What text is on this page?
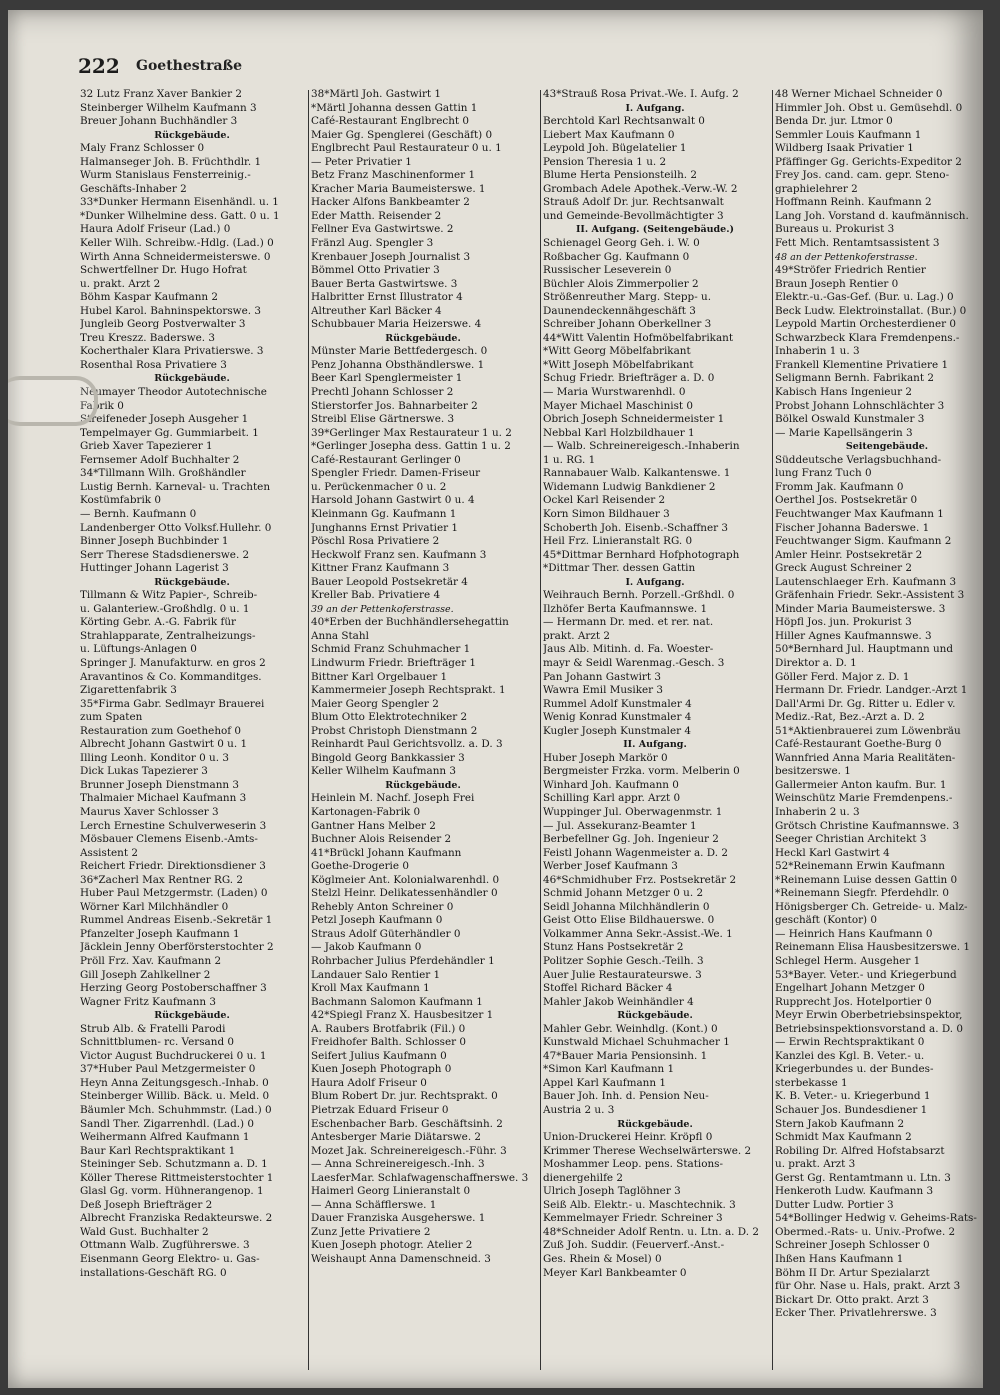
222 Goethestraße
32 Lutz Franz Xaver Bankier 2
Steinberger Wilhelm Kaufmann 3
Breuer Johann Buchhändler 3
Rückgebäude.
Maly Franz Schlosser 0
Halmanseger Joh. B. Früchthdlr. 1
Wurm Stanislaus Fensterreinig.-
Geschäfts-Inhaber 2
33*Dunker Hermann Eisenhändl. u. 1
*Dunker Wilhelmine dess. Gatt. 0 u. 1
Haura Adolf Friseur (Lad.) 0
Keller Wilh. Schreibw.-Hdlg. (Lad.) 0
Wirth Anna Schneidermeisterswe. 0
Schwertfellner Dr. Hugo Hofrat
u. prakt. Arzt 2
Böhm Kaspar Kaufmann 2
Hubel Karol. Bahninspektorswe. 3
Jungleib Georg Postverwalter 3
Treu Kreszz. Baderswe. 3
Kocherthaler Klara Privatierswe. 3
Rosenthal Rosa Privatiere 3
Rückgebäude.
Neumayer Theodor Autotechnische
Fabrik 0
Streifeneder Joseph Ausgeher 1
Tempelmayer Gg. Gummiarbeit. 1
Grieb Xaver Tapezierer 1
Fernsemer Adolf Buchhalter 2
34*Tillmann Wilh. Großhändler
Lustig Bernh. Karneval- u. Trachten
Kostümfabrik 0
— Bernh. Kaufmann 0
Landenberger Otto Volksf.Hullehr. 0
Binner Joseph Buchbinder 1
Serr Therese Stadsdienerswe. 2
Huttinger Johann Lagerist 3
Rückgebäude.
Tillmann & Witz Papier-, Schreib-
u. Galanteriew.-Großhdlg. 0 u. 1
Körting Gebr. A.-G. Fabrik für
Strahlapparate, Zentralheizungs-
u. Lüftungs-Anlagen 0
Springer J. Manufakturw. en gros 2
Aravantinos & Co. Kommanditges.
Zigarettenfabrik 3
35*Firma Gabr. Sedlmayr Brauerei
zum Spaten
Restauration zum Goethehof 0
Albrecht Johann Gastwirt 0 u. 1
Illing Leonh. Konditor 0 u. 3
Dick Lukas Tapezierer 3
Brunner Joseph Dienstmann 3
Thalmaier Michael Kaufmann 3
Maurus Xaver Schlosser 3
Lerch Ernestine Schulverweserin 3
Mösbauer Clemens Eisenb.-Amts-
Assistent 2
Reichert Friedr. Direktionsdiener 3
36*Zacherl Max Rentner RG. 2
Huber Paul Metzgermstr. (Laden) 0
Wörner Karl Milchhändler 0
Rummel Andreas Eisenb.-Sekretär 1
Pfanzelter Joseph Kaufmann 1
Jäcklein Jenny Oberförsterstochter 2
Pröll Frz. Xav. Kaufmann 2
Gill Joseph Zahlkellner 2
Herzing Georg Postoberschaffner 3
Wagner Fritz Kaufmann 3
Rückgebäude.
Strub Alb. & Fratelli Parodi
Schnittblumen- rc. Versand 0
Victor August Buchdruckerei 0 u. 1
37*Huber Paul Metzgermeister 0
Heyn Anna Zeitungsgesch.-Inhab. 0
Steinberger Willib. Bäck. u. Meld. 0
Bäumler Mch. Schuhmmstr. (Lad.) 0
Sandl Ther. Zigarrenhdl. (Lad.) 0
Weihermann Alfred Kaufmann 1
Baur Karl Rechtspraktikant 1
Steininger Seb. Schutzmann a. D. 1
Köller Therese Rittmeisterstochter 1
Glasl Gg. vorm. Hühnerangenop. 1
Deß Joseph Briefträger 2
Albrecht Franziska Redakteurswe. 2
Wald Gust. Buchhalter 2
Ottmann Walb. Zugführerswe. 3
Eisenmann Georg Elektro- u. Gas-
installations-Geschäft RG. 0
38*Märtl Joh. Gastwirt 1
*Märtl Johanna dessen Gattin 1
Café-Restaurant Englbrecht 0
Maier Gg. Spenglerei (Geschäft) 0
Englbrecht Paul Restaurateur 0 u. 1
— Peter Privatier 1
Betz Franz Maschinenformer 1
Kracher Maria Baumeisterswe. 1
Hacker Alfons Bankbeamter 2
Eder Matth. Reisender 2
Fellner Eva Gastwirtswe. 2
Fränzl Aug. Spengler 3
Krenbauer Joseph Journalist 3
Bömmel Otto Privatier 3
Bauer Berta Gastwirtswe. 3
Halbritter Ernst Illustrator 4
Altreuther Karl Bäcker 4
Schubbauer Maria Heizerswe. 4
Rückgebäude.
Münster Marie Bettfedergesch. 0
Penz Johanna Obsthändlerswe. 1
Beer Karl Spenglermeister 1
Prechtl Johann Schlosser 2
Stierstorfer Jos. Bahnarbeiter 2
Streibl Elise Gärtnerswe. 3
39*Gerlinger Max Restaurateur 1 u. 2
*Gerlinger Josepha dess. Gattin 1 u. 2
Café-Restaurant Gerlinger 0
Spengler Friedr. Damen-Friseur
u. Perückenmacher 0 u. 2
Harsold Johann Gastwirt 0 u. 4
Kleinmann Gg. Kaufmann 1
Junghanns Ernst Privatier 1
Pöschl Rosa Privatiere 2
Heckwolf Franz sen. Kaufmann 3
Kittner Franz Kaufmann 3
Bauer Leopold Postsekretär 4
Kreller Bab. Privatiere 4
39 an der Pettenkoferstrasse.
40*Erben der Buchhändlersehegattin
Anna Stahl
Schmid Franz Schuhmacher 1
Lindwurm Friedr. Briefträger 1
Bittner Karl Orgelbauer 1
Kammermeier Joseph Rechtsprakt. 1
Maier Georg Spengler 2
Blum Otto Elektrotechniker 2
Probst Christoph Dienstmann 2
Reinhardt Paul Gerichtsvollz. a. D. 3
Bingold Georg Bankkassier 3
Keller Wilhelm Kaufmann 3
Rückgebäude.
Heinlein M. Nachf. Joseph Frei
Kartonagen-Fabrik 0
Gantner Hans Melber 2
Buchner Alois Reisender 2
41*Brückl Johann Kaufmann
Goethe-Drogerie 0
Köglmeier Ant. Kolonialwarenhdl. 0
Stelzl Heinr. Delikatessenhändler 0
Rehebly Anton Schreiner 0
Petzl Joseph Kaufmann 0
Straus Adolf Güterhändler 0
— Jakob Kaufmann 0
Rohrbacher Julius Pferdehändler 1
Landauer Salo Rentier 1
Kroll Max Kaufmann 1
Bachmann Salomon Kaufmann 1
42*Spiegl Franz X. Hausbesitzer 1
A. Raubers Brotfabrik (Fil.) 0
Freidhofer Balth. Schlosser 0
Seifert Julius Kaufmann 0
Kuen Joseph Photograph 0
Haura Adolf Friseur 0
Blum Robert Dr. jur. Rechtsprakt. 0
Pietrzak Eduard Friseur 0
Eschenbacher Barb. Geschäftsinh. 2
Antesberger Marie Diätarswe. 2
Mozet Jak. Schreinereigesch.-Führ. 3
— Anna Schreinereigesch.-Inh. 3
LaesferMar. Schlafwagenschaffnerswe. 3
Haimerl Georg Linieranstalt 0
— Anna Schäfflerswe. 1
Dauer Franziska Ausgeherswe. 1
Zunz Jette Privatiere 2
Kuen Joseph photogr. Atelier 2
Weishaupt Anna Damenschneid. 3
43*Strauß Rosa Privat.-We. I. Aufg. 2
I. Aufgang.
Berchtold Karl Rechtsanwalt 0
Liebert Max Kaufmann 0
Leypold Joh. Bügelatelier 1
Pension Theresia 1 u. 2
Blume Herta Pensionsteilh. 2
Grombach Adele Apothek.-Verw.-W. 2
Strauß Adolf Dr. jur. Rechtsanwalt
und Gemeinde-Bevollmächtigter 3
II. Aufgang. (Seitengebäude.)
Schienagel Georg Geh. i. W. 0
Roßbacher Gg. Kaufmann 0
Russischer Leseverein 0
Büchler Alois Zimmerpolier 2
Strößenreuther Marg. Stepp- u.
Daunendeckennähgeschäft 3
Schreiber Johann Oberkellner 3
44*Witt Valentin Hofmöbelfabrikant
*Witt Georg Möbelfabrikant
*Witt Joseph Möbelfabrikant
Schug Friedr. Briefträger a. D. 0
— Maria Wurstwarenhdl. 0
Mayer Michael Maschinist 0
Obrich Joseph Schneidermeister 1
Nebbal Karl Holzbildhauer 1
— Walb. Schreinereigesch.-Inhaberin
1 u. RG. 1
Rannabauer Walb. Kalkantenswe. 1
Widemann Ludwig Bankdiener 2
Ockel Karl Reisender 2
Korn Simon Bildhauer 3
Schoberth Joh. Eisenb.-Schaffner 3
Heil Frz. Linieranstalt RG. 0
45*Dittmar Bernhard Hofphotograph
*Dittmar Ther. dessen Gattin
I. Aufgang.
Weihrauch Bernh. Porzell.-Grßhdl. 0
Ilzhöfer Berta Kaufmannswe. 1
— Hermann Dr. med. et rer. nat.
prakt. Arzt 2
Jaus Alb. Mitinh. d. Fa. Woester-
mayr & Seidl Warenmag.-Gesch. 3
Pan Johann Gastwirt 3
Wawra Emil Musiker 3
Rummel Adolf Kunstmaler 4
Wenig Konrad Kunstmaler 4
Kugler Joseph Kunstmaler 4
II. Aufgang.
Huber Joseph Markör 0
Bergmeister Frzka. vorm. Melberin 0
Winhard Joh. Kaufmann 0
Schilling Karl appr. Arzt 0
Wuppinger Jul. Oberwagenmstr. 1
— Jul. Assekuranz-Beamter 1
Berbefellner Gg. Joh. Ingenieur 2
Feistl Johann Wagenmeister a. D. 2
Werber Josef Kaufmann 3
46*Schmidhuber Frz. Postsekretär 2
Schmid Johann Metzger 0 u. 2
Seidl Johanna Milchhändlerin 0
Geist Otto Elise Bildhauerswe. 0
Volkammer Anna Sekr.-Assist.-We. 1
Stunz Hans Postsekretär 2
Politzer Sophie Gesch.-Teilh. 3
Auer Julie Restaurateurswe. 3
Stoffel Richard Bäcker 4
Mahler Jakob Weinhändler 4
Rückgebäude.
Mahler Gebr. Weinhdlg. (Kont.) 0
Kunstwald Michael Schuhmacher 1
47*Bauer Maria Pensionsinh. 1
*Simon Karl Kaufmann 1
Appel Karl Kaufmann 1
Bauer Joh. Inh. d. Pension Neu-
Austria 2 u. 3
Rückgebäude.
Union-Druckerei Heinr. Kröpfl 0
Krimmer Therese Wechselwärterswe. 2
Moshammer Leop. pens. Stations-
dienergehilfe 2
Ulrich Joseph Taglöhner 3
Seiß Alb. Elektr.- u. Maschtechnik. 3
Kemmelmayer Friedr. Schreiner 3
48*Schneider Adolf Rentn. u. Ltn. a. D. 2
Zuß Joh. Suddir. (Feuerverf.-Anst.-
Ges. Rhein & Mosel) 0
Meyer Karl Bankbeamter 0
48 Werner Michael Schneider 0
Himmler Joh. Obst u. Gemüsehdl. 0
Benda Dr. jur. Ltmor 0
Semmler Louis Kaufmann 1
Wildberg Isaak Privatier 1
Pfäffinger Gg. Gerichts-Expeditor 2
Frey Jos. cand. cam. gepr. Steno-
graphielehrer 2
Hoffmann Reinh. Kaufmann 2
Lang Joh. Vorstand d. kaufmännisch.
Bureaus u. Prokurist 3
Fett Mich. Rentamtsassistent 3
48 an der Pettenkoferstrasse.
49*Ströfer Friedrich Rentier
Braun Joseph Rentier 0
Elektr.-u.-Gas-Gef. (Bur. u. Lag.) 0
Beck Ludw. Elektroinstallat. (Bur.) 0
Leypold Martin Orchesterdiener 0
Schwarzbeck Klara Fremdenpens.-
Inhaberin 1 u. 3
Frankell Klementine Privatiere 1
Seligmann Bernh. Fabrikant 2
Kabisch Hans Ingenieur 2
Probst Johann Lohnschlächter 3
Bölkel Oswald Kunstmaler 3
— Marie Kapellsängerin 3
Seitengebäude.
Süddeutsche Verlagsbuchhand-
lung Franz Tuch 0
Fromm Jak. Kaufmann 0
Oerthel Jos. Postsekretär 0
Feuchtwanger Max Kaufmann 1
Fischer Johanna Baderswe. 1
Feuchtwanger Sigm. Kaufmann 2
Amler Heinr. Postsekretär 2
Greck August Schreiner 2
Lautenschlaeger Erh. Kaufmann 3
Gräfenhain Friedr. Sekr.-Assistent 3
Minder Maria Baumeisterswe. 3
Höpfl Jos. jun. Prokurist 3
Hiller Agnes Kaufmannswe. 3
50*Bernhard Jul. Hauptmann und
Direktor a. D. 1
Göller Ferd. Major z. D. 1
Hermann Dr. Friedr. Landger.-Arzt 1
Dall'Armi Dr. Gg. Ritter u. Edler v.
Mediz.-Rat, Bez.-Arzt a. D. 2
51*Aktienbrauerei zum Löwenbräu
Café-Restaurant Goethe-Burg 0
Wannfried Anna Maria Realitäten-
besitzerswe. 1
Gallermeier Anton kaufm. Bur. 1
Weinschütz Marie Fremdenpens.-
Inhaberin 2 u. 3
Grötsch Christine Kaufmannswe. 3
Seeger Christian Architekt 3
Heckl Karl Gastwirt 4
52*Reinemann Erwin Kaufmann
*Reinemann Luise dessen Gattin 0
*Reinemann Siegfr. Pferdehdlr. 0
Hönigsberger Ch. Getreide- u. Malz-
geschäft (Kontor) 0
— Heinrich Hans Kaufmann 0
Reinemann Elisa Hausbesitzerswe. 1
Schlegel Herm. Ausgeher 1
53*Bayer. Veter.- und Kriegerbund
Engelhart Johann Metzger 0
Rupprecht Jos. Hotelportier 0
Meyr Erwin Oberbetriebsinspektor,
Betriebsinspektionsvorstand a. D. 0
— Erwin Rechtspraktikant 0
Kanzlei des Kgl. B. Veter.- u.
Kriegerbundes u. der Bundes-
sterbekasse 1
K. B. Veter.- u. Kriegerbund 1
Schauer Jos. Bundesdiener 1
Stern Jakob Kaufmann 2
Schmidt Max Kaufmann 2
Robiling Dr. Alfred Hofstabsarzt
u. prakt. Arzt 3
Gerst Gg. Rentamtmann u. Ltn. 3
Henkeroth Ludw. Kaufmann 3
Dutter Ludw. Portier 3
54*Bollinger Hedwig v. Geheims-Rats-
Obermed.-Rats- u. Univ.-Profwe. 2
Schreiner Joseph Schlosser 0
Ihßen Hans Kaufmann 1
Böhm II Dr. Artur Spezialarzt
für Ohr. Nase u. Hals, prakt. Arzt 3
Bickart Dr. Otto prakt. Arzt 3
Ecker Ther. Privatlehrerswe. 3
